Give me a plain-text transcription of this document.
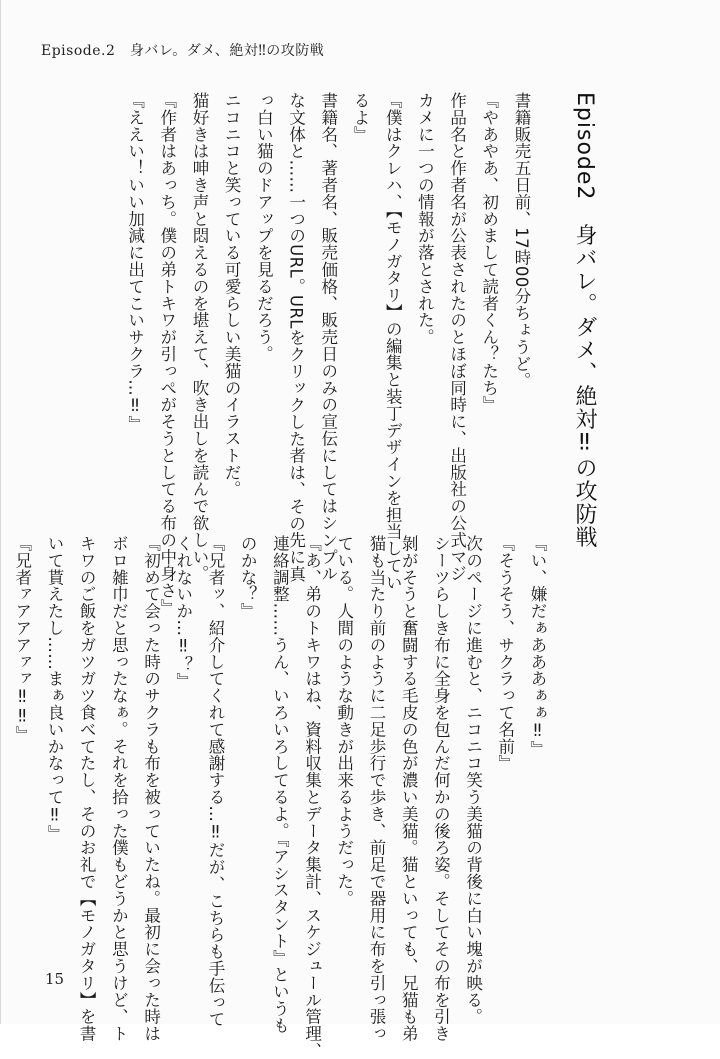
Episode.2　身バレ。ダメ、絶対‼の攻防戦
Episode2　身バレ。ダメ、絶対‼の攻防戦

書籍販売五日前、17時00分ちょうど。

『やあやあ、初めまして読者くん？たち』

作品名と作者名が公表されたのとほぼ同時に、出版社の公式マジ

カメに一つの情報が落とされた。

『僕はクレハ、【モノガタリ】の編集と装丁デザインを担当してい

るよ』

書籍名、著者名、販売価格、販売日のみの宣伝にしてはシンプル

な文体と……一つのURL。URLをクリックした者は、その先に真

っ白い猫のドアップを見るだろう。

ニコニコと笑っている可愛らしい美猫のイラストだ。

猫好きは呻き声と悶えるのを堪えて、吹き出しを読んで欲しい。

『作者はあっち。僕の弟トキワが引っぺがそうとしてる布の中身さ』

『ええい！いい加減に出てこいサクラ…‼』

『い、嫌だぁあああぁぁ‼』

『そうそう、サクラって名前』

次のページに進むと、ニコニコ笑う美猫の背後に白い塊が映る。

シーツらしき布に全身を包んだ何かの後ろ姿。そしてその布を引き

剝がそうと奮闘する毛皮の色が濃い美猫。猫といっても、兄猫も弟

猫も当たり前のように二足歩行で歩き、前足で器用に布を引っ張っ

ている。人間のような動きが出来るようだった。

『あ、弟のトキワはね、資料収集とデータ集計、スケジュール管理、

連絡調整……うん、いろいろしてるよ。『アシスタント』というも

のかな？』

『兄者ッ、紹介してくれて感謝する…‼だが、こちらも手伝って

くれないか…‼？』

『初めて会った時のサクラも布を被っていたね。最初に会った時は

ボロ雑巾だと思ったなぁ。それを拾った僕もどうかと思うけど、ト

キワのご飯をガツガツ食べてたし、そのお礼で【モノガタリ】を書

いて貰えたし……まぁ良いかなって‼』

『兄者ァアアアァァ‼‼』

15
